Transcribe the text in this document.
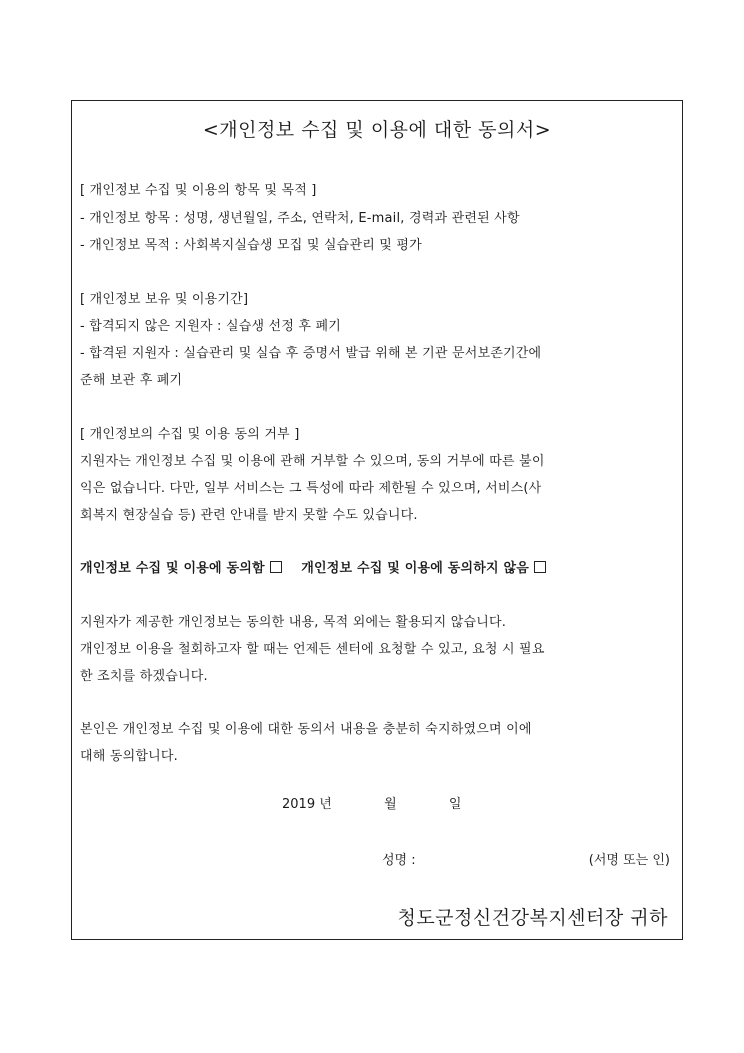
<개인정보 수집 및 이용에 대한 동의서>
[ 개인정보 수집 및 이용의 항목 및 목적 ]
- 개인정보 항목 : 성명, 생년월일, 주소, 연락처, E-mail, 경력과 관련된 사항
- 개인정보 목적 : 사회복지실습생 모집 및 실습관리 및 평가
[ 개인정보 보유 및 이용기간]
- 합격되지 않은 지원자 : 실습생 선정 후 폐기
- 합격된 지원자 : 실습관리 및 실습 후 증명서 발급 위해 본 기관 문서보존기간에
준해 보관 후 폐기
[ 개인정보의 수집 및 이용 동의 거부 ]
지원자는 개인정보 수집 및 이용에 관해 거부할 수 있으며, 동의 거부에 따른 불이
익은 없습니다. 다만, 일부 서비스는 그 특성에 따라 제한될 수 있으며, 서비스(사
회복지 현장실습 등) 관련 안내를 받지 못할 수도 있습니다.
개인정보 수집 및 이용에 동의함	개인정보 수집 및 이용에 동의하지 않음
지원자가 제공한 개인정보는 동의한 내용, 목적 외에는 활용되지 않습니다.
개인정보 이용을 철회하고자 할 때는 언제든 센터에 요청할 수 있고, 요청 시 필요
한 조치를 하겠습니다.
본인은 개인정보 수집 및 이용에 대한 동의서 내용을 충분히 숙지하였으며 이에
대해 동의합니다.
2019 년	월	일
성명 :	(서명 또는 인)
청도군정신건강복지센터장 귀하
